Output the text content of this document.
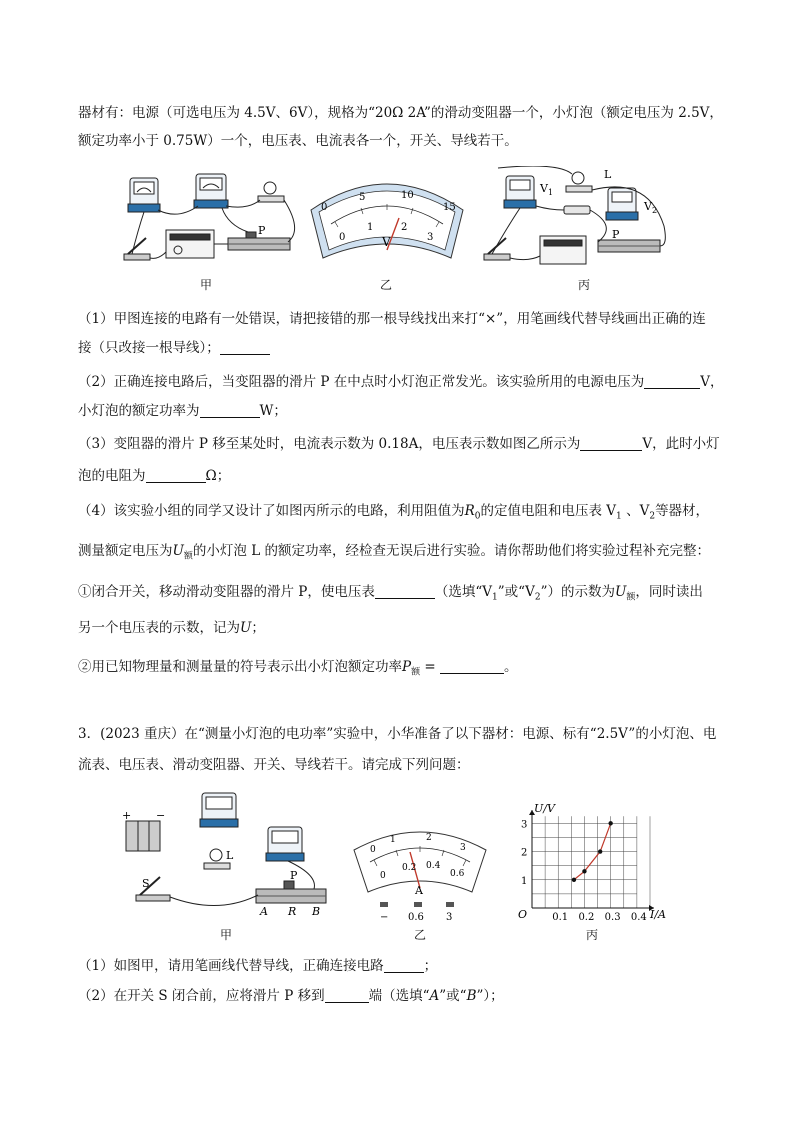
器材有：电源（可选电压为 4.5V、6V），规格为“20Ω 2A”的滑动变阻器一个，小灯泡（额定电压为 2.5V，
额定功率小于 0.75W）一个，电压表、电流表各一个，开关、导线若干。
P
甲
0
5	10
15
0
1	2
3
V
乙
$V_1$
L
$V_2$
P
丙
（1）甲图连接的电路有一处错误，请把接错的那一根导线找出来打“×”，用笔画线代替导线画出正确的连
接（只改接一根导线）；
（2）正确连接电路后，当变阻器的滑片 P 在中点时小灯泡正常发光。该实验所用的电源电压为	V，
小灯泡的额定功率为	W；
（3）变阻器的滑片 P 移至某处时，电流表示数为 0.18A，电压表示数如图乙所示为	V，此时小灯
泡的电阻为	Ω；
（4）该实验小组的同学又设计了如图丙所示的电路，利用阻值为$R_0$的定值电阻和电压表 $V_1$ 、$V_2$等器材，
测量额定电压为$U_额$的小灯泡 L 的额定功率，经检查无误后进行实验。请你帮助他们将实验过程补充完整：
①闭合开关，移动滑动变阻器的滑片 P，使电压表	（选填“$V_1$”或“$V_2$”）的示数为$U_额$，同时读出
另一个电压表的示数，记为U；
②用已知物理量和测量量的符号表示出小灯泡额定功率$P_额$ =	。
3．(2023 重庆）在“测量小灯泡的电功率”实验中，小华准备了以下器材：电源、标有“2.5V”的小灯泡、电
流表、电压表、滑动变阻器、开关、导线若干。请完成下列问题：
+ −
L
S
P
A R B
甲
0
1	2
3
0
0.2 0.4
0.6
A
− 0.6 3
乙
U/V
I/A
O	0.1 0.2 0.3 0.4
1
2
3
丙
（1）如图甲，请用笔画线代替导线，正确连接电路	；
（2）在开关 S 闭合前，应将滑片 P 移到	端（选填“A”或“B”）；
